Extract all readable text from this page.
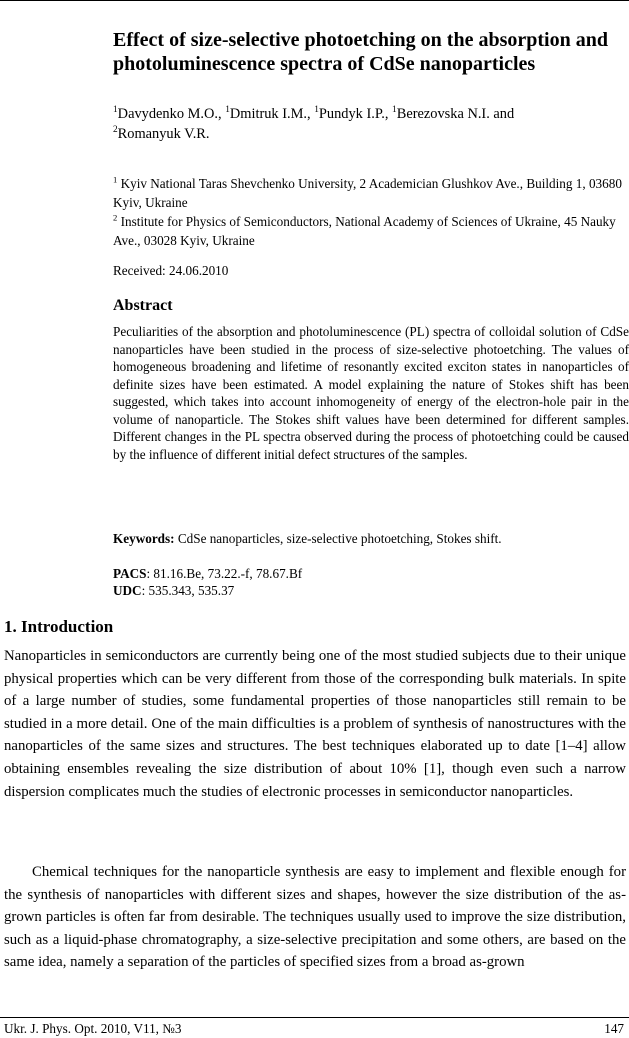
Effect of size-selective photoetching on the absorption and photoluminescence spectra of CdSe nanoparticles

$^1$Davydenko M.O., $^1$Dmitruk I.M., $^1$Pundyk I.P., $^1$Berezovska N.I. and
$^2$Romanyuk V.R.

$^1$ Kyiv National Taras Shevchenko University, 2 Academician Glushkov Ave., Building 1, 03680 Kyiv, Ukraine

$^2$ Institute for Physics of Semiconductors, National Academy of Sciences of Ukraine, 45 Nauky Ave., 03028 Kyiv, Ukraine

Received: 24.06.2010

Abstract

Peculiarities of the absorption and photoluminescence (PL) spectra of colloidal solution of CdSe nanoparticles have been studied in the process of size-selective photoetching. The values of homogeneous broadening and lifetime of resonantly excited exciton states in nanoparticles of definite sizes have been estimated. A model explaining the nature of Stokes shift has been suggested, which takes into account inhomogeneity of energy of the electron-hole pair in the volume of nanoparticle. The Stokes shift values have been determined for different samples. Different changes in the PL spectra observed during the process of photoetching could be caused by the influence of different initial defect structures of the samples.

Keywords: CdSe nanoparticles, size-selective photoetching, Stokes shift.

PACS: 81.16.Be, 73.22.-f, 78.67.Bf

UDC: 535.343, 535.37

1. Introduction

Nanoparticles in semiconductors are currently being one of the most studied subjects due to their unique physical properties which can be very different from those of the corresponding bulk materials. In spite of a large number of studies, some fundamental properties of those nanoparticles still remain to be studied in a more detail. One of the main difficulties is a problem of synthesis of nanostructures with the nanoparticles of the same sizes and structures. The best techniques elaborated up to date [1–4] allow obtaining ensembles revealing the size distribution of about 10% [1], though even such a narrow dispersion complicates much the studies of electronic processes in semiconductor nanoparticles.

Chemical techniques for the nanoparticle synthesis are easy to implement and flexible enough for the synthesis of nanoparticles with different sizes and shapes, however the size distribution of the as-grown particles is often far from desirable. The techniques usually used to improve the size distribution, such as a liquid-phase chromatography, a size-selective precipitation and some others, are based on the same idea, namely a separation of the particles of specified sizes from a broad as-grown

Ukr. J. Phys. Opt. 2010, V11, №3	147
